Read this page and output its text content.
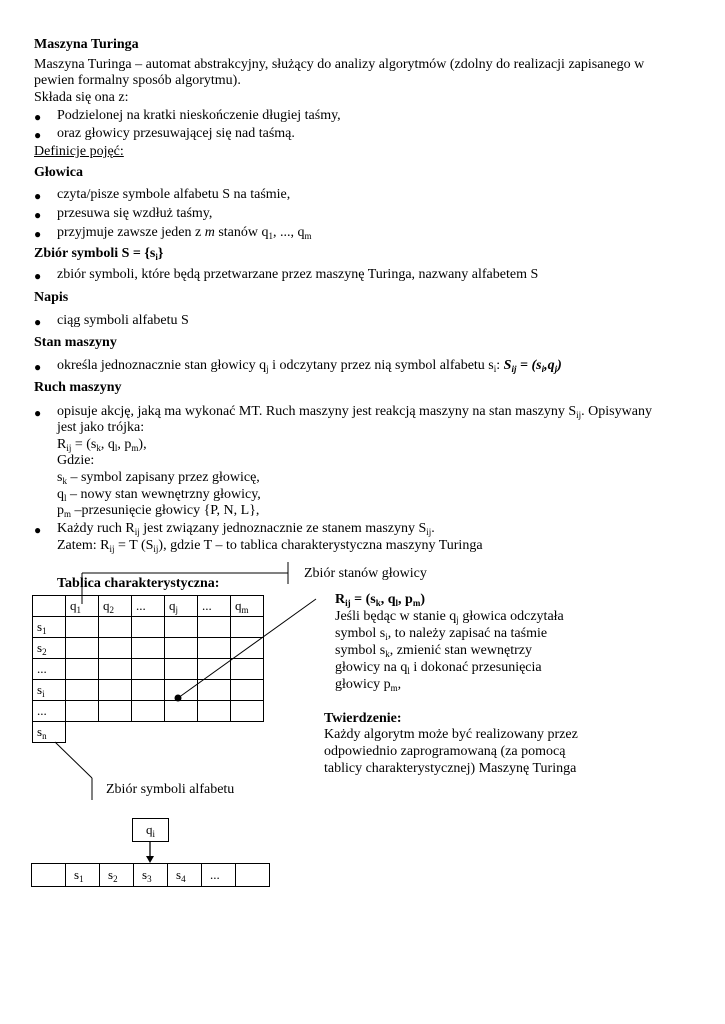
Maszyna Turinga
Maszyna Turinga – automat abstrakcyjny, służący do analizy algorytmów (zdolny do realizacji zapisanego w
pewien formalny sposób algorytmu).
Składa się ona z:
● Podzielonej na kratki nieskończenie długiej taśmy,
● oraz głowicy przesuwającej się nad taśmą.
Definicje pojęć:
Głowica
● czyta/pisze symbole alfabetu S na taśmie,
● przesuwa się wzdłuż taśmy,
● przyjmuje zawsze jeden z m stanów $q_1$, ..., $q_m$
Zbiór symboli $S = \{s_i\}$
● zbiór symboli, które będą przetwarzane przez maszynę Turinga, nazwany alfabetem S
Napis
● ciąg symboli alfabetu S
Stan maszyny
● określa jednoznacznie stan głowicy $q_j$ i odczytany przez nią symbol alfabetu $s_i$: $S_{ij} = (s_i,q_j)$
Ruch maszyny
● opisuje akcję, jaką ma wykonać MT. Ruch maszyny jest reakcją maszyny na stan maszyny $S_{ij}$. Opisywany
jest jako trójka:
$R_{ij} = (s_k$, $q_l$, $p_m$),
Gdzie:
$s_k$ – symbol zapisany przez głowicę,
$q_l$ – nowy stan wewnętrzny głowicy,
$p_m$ –przesunięcie głowicy {P, N, L},
● Każdy ruch $R_{ij}$ jest związany jednoznacznie ze stanem maszyny $S_{ij}$.
Zatem: $R_{ij} = T$ $(S_{ij})$, gdzie T – to tablica charakterystyczna maszyny Turinga
Zbiór stanów głowicy
Tablica charakterystyczna:
	$q_1$	$q_2$	...	$q_j$	...	$q_m$
$s_1$						
$s_2$						
...						
$s_i$						
...						
$s_n$						
Zbiór symboli alfabetu
$q_i$
	$s_1$	$s_2$	$s_3$	$s_4$	...	
$R_{ij} = (s_k$, $q_l$, $p_m$)
Jeśli będąc w stanie $q_j$ głowica odczytała
symbol $s_i$, to należy zapisać na taśmie
symbol $s_k$, zmienić stan wewnętrzy
głowicy na $q_l$ i dokonać przesunięcia
głowicy $p_m$,
Twierdzenie:
Każdy algorytm może być realizowany przez
odpowiednio zaprogramowaną (za pomocą
tablicy charakterystycznej) Maszynę Turinga
